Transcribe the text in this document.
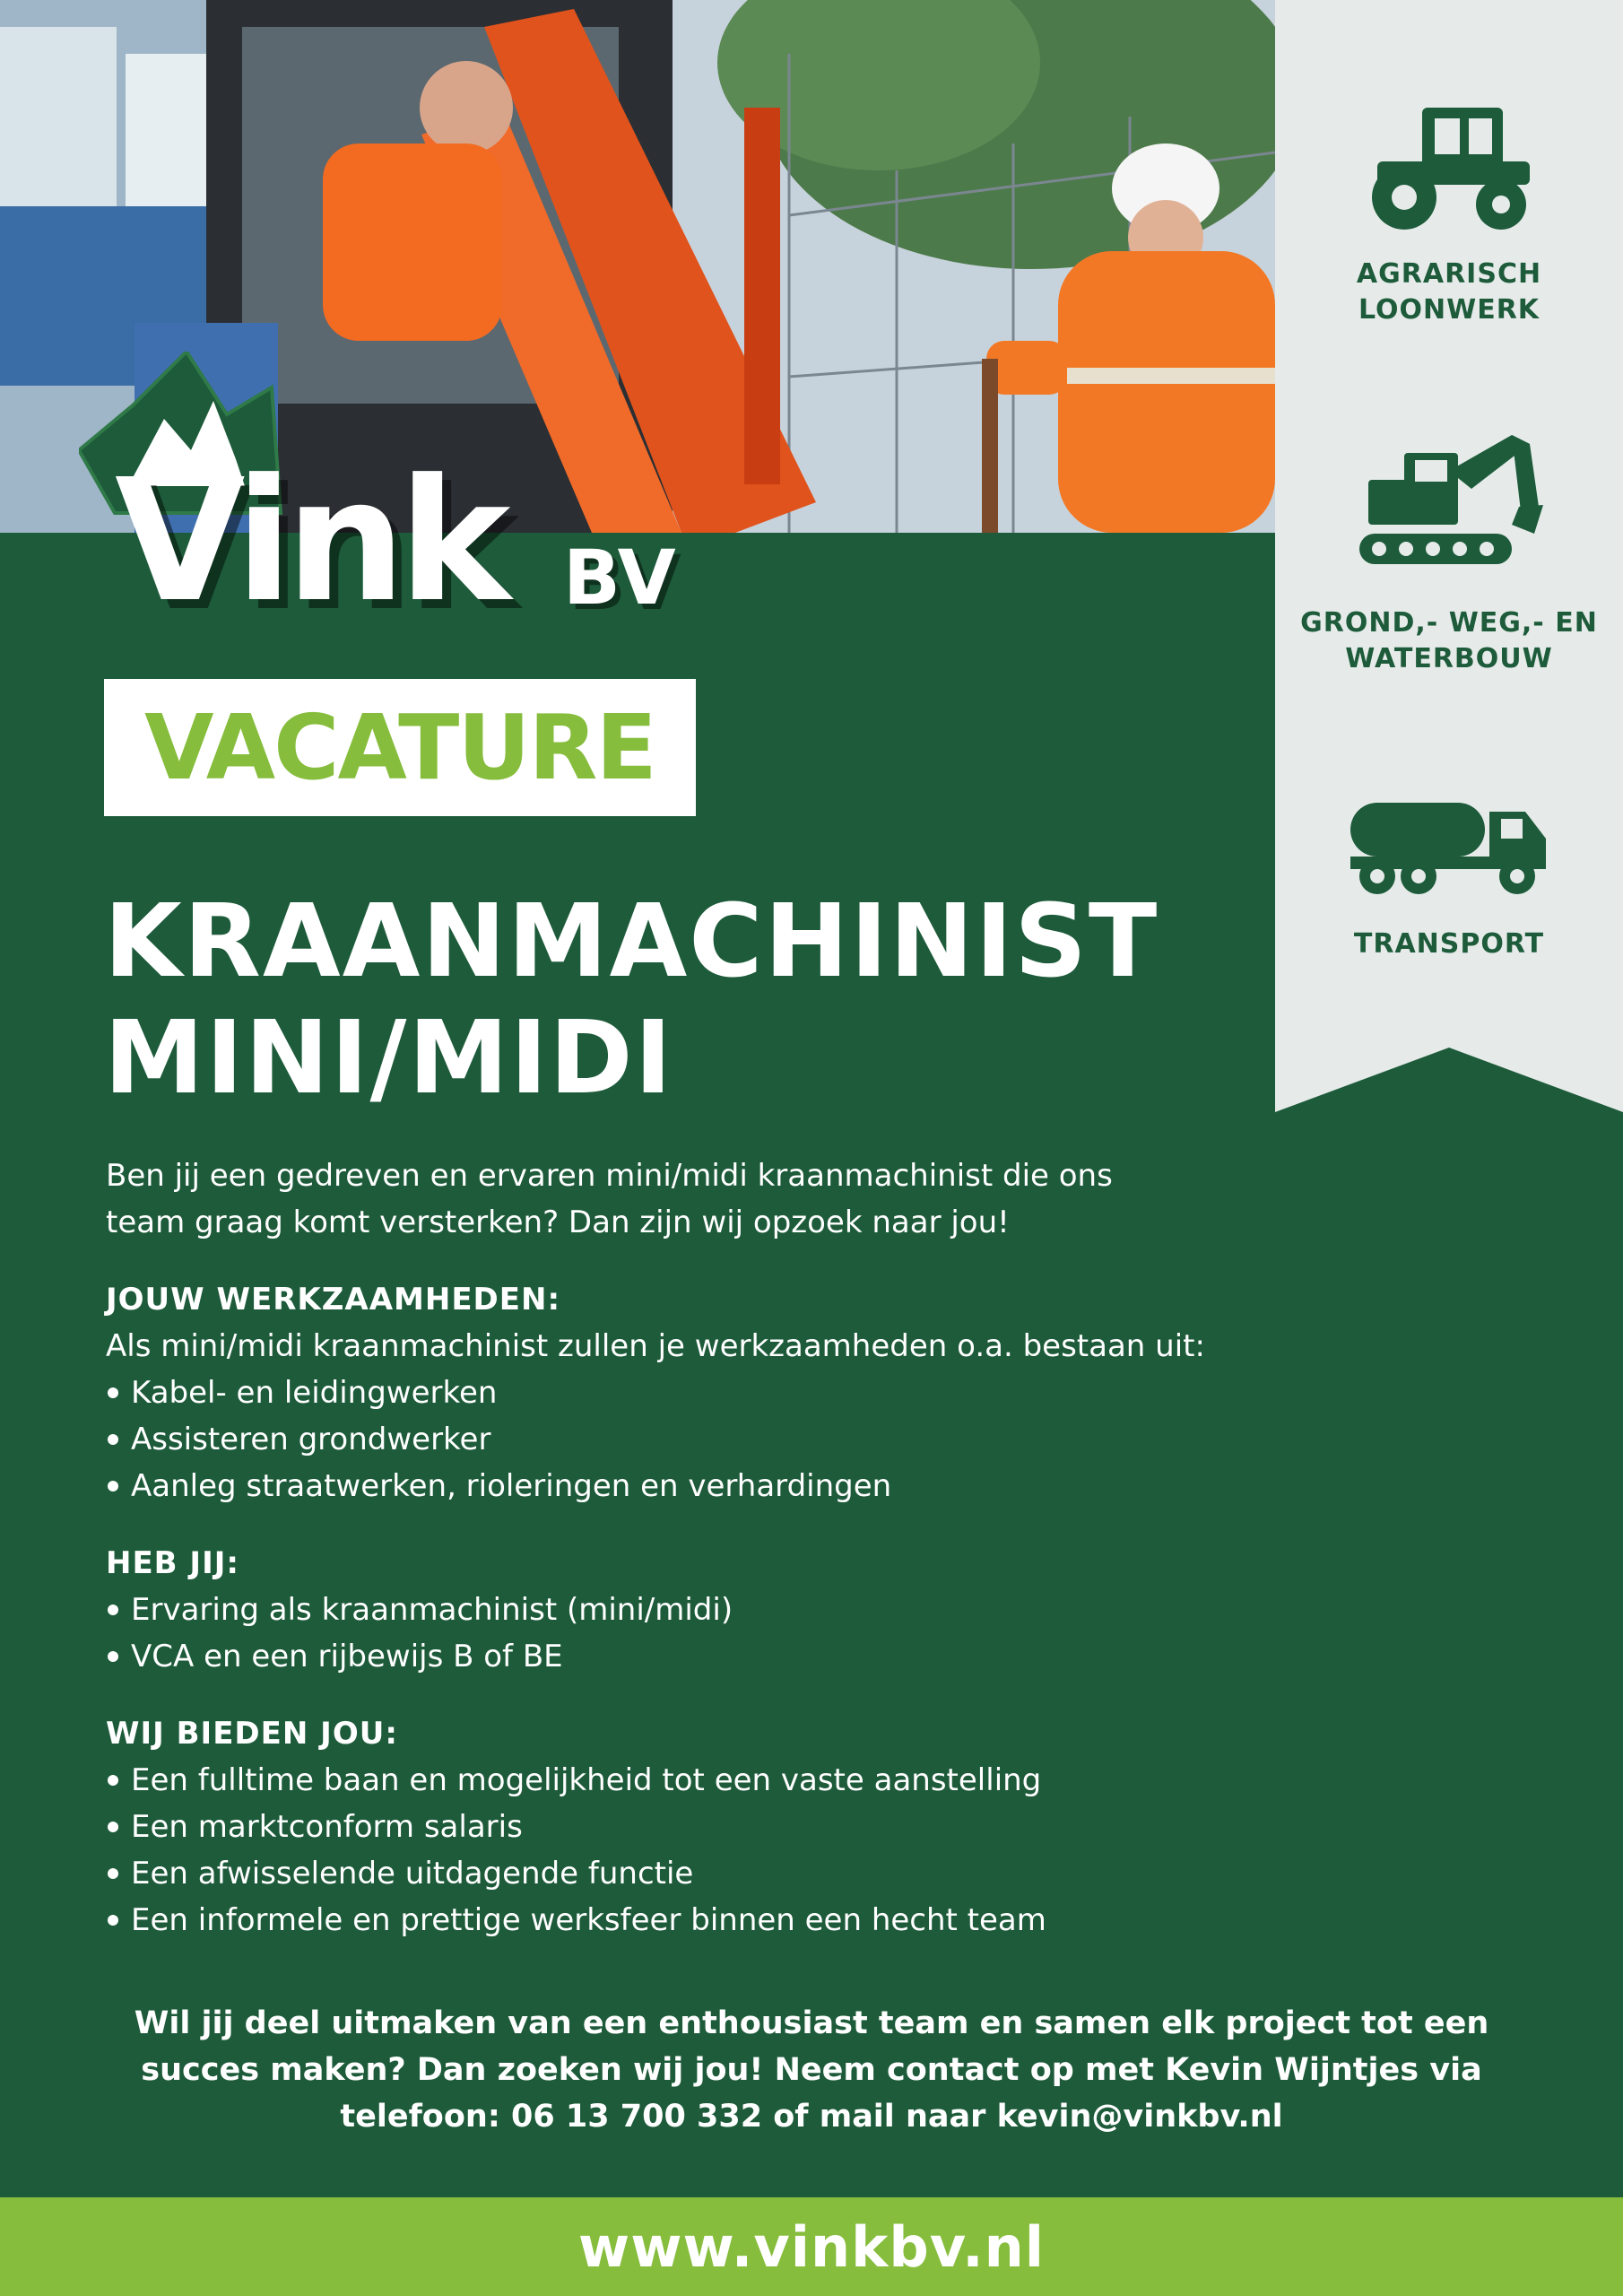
AGRARISCH
LOONWERK
GROND,- WEG,- EN
WATERBOUW
TRANSPORT
Vink BV
VACATURE
KRAANMACHINIST
MINI/MIDI

Ben jij een gedreven en ervaren mini/midi kraanmachinist die ons

team graag komt versterken? Dan zijn wij opzoek naar jou!

JOUW WERKZAAMHEDEN:

Als mini/midi kraanmachinist zullen je werkzaamheden o.a. bestaan uit:

Kabel- en leidingwerken
Assisteren grondwerker
Aanleg straatwerken, rioleringen en verhardingen
HEB JIJ:
Ervaring als kraanmachinist (mini/midi)
VCA en een rijbewijs B of BE
WIJ BIEDEN JOU:
Een fulltime baan en mogelijkheid tot een vaste aanstelling
Een marktconform salaris
Een afwisselende uitdagende functie
Een informele en prettige werksfeer binnen een hecht team

Wil jij deel uitmaken van een enthousiast team en samen elk project tot een

succes maken? Dan zoeken wij jou! Neem contact op met Kevin Wijntjes via

telefoon: 06 13 700 332 of mail naar kevin@vinkbv.nl

www.vinkbv.nl
